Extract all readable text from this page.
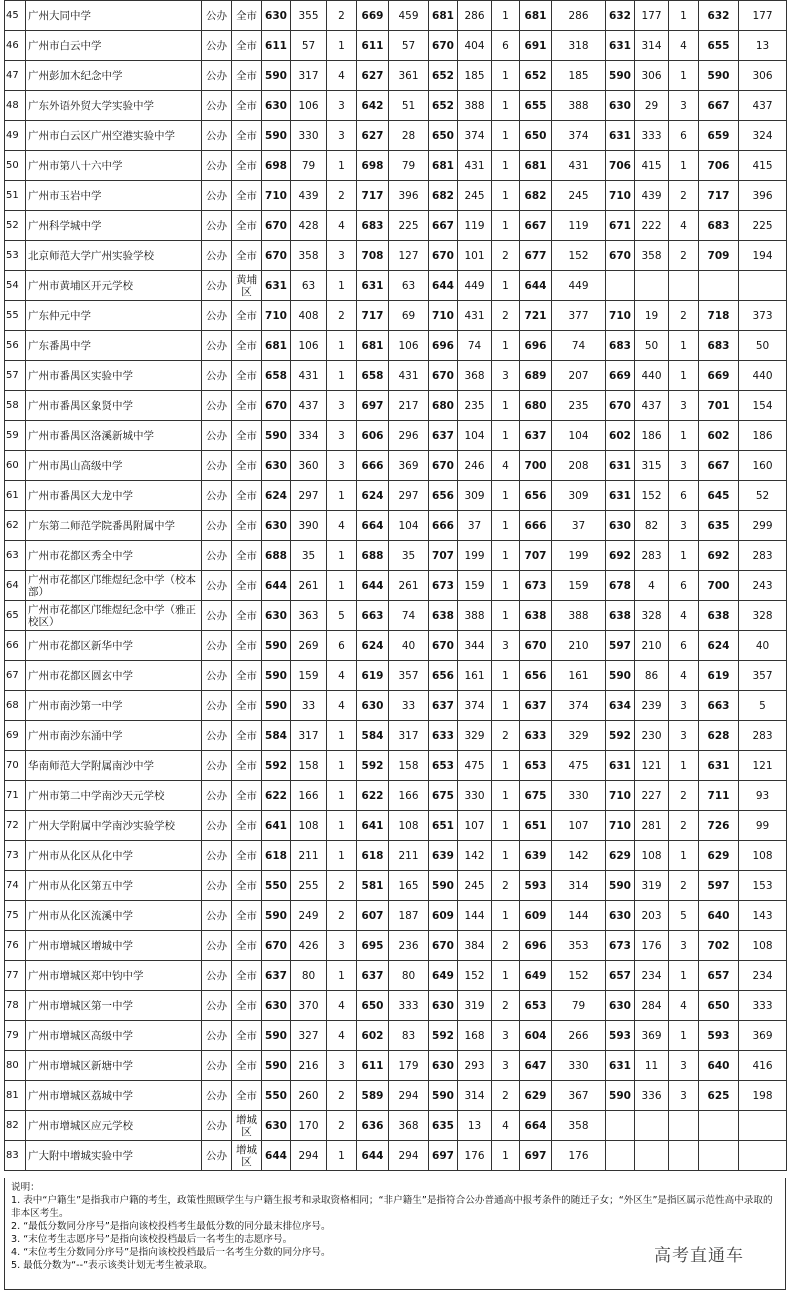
45	广州大同中学	公办	全市	630	355	2	669	459	681	286	1	681	286	632	177	1	632	177
46	广州市白云中学	公办	全市	611	57	1	611	57	670	404	6	691	318	631	314	4	655	13
47	广州彭加木纪念中学	公办	全市	590	317	4	627	361	652	185	1	652	185	590	306	1	590	306
48	广东外语外贸大学实验中学	公办	全市	630	106	3	642	51	652	388	1	655	388	630	29	3	667	437
49	广州市白云区广州空港实验中学	公办	全市	590	330	3	627	28	650	374	1	650	374	631	333	6	659	324
50	广州市第八十六中学	公办	全市	698	79	1	698	79	681	431	1	681	431	706	415	1	706	415
51	广州市玉岩中学	公办	全市	710	439	2	717	396	682	245	1	682	245	710	439	2	717	396
52	广州科学城中学	公办	全市	670	428	4	683	225	667	119	1	667	119	671	222	4	683	225
53	北京师范大学广州实验学校	公办	全市	670	358	3	708	127	670	101	2	677	152	670	358	2	709	194
54	广州市黄埔区开元学校	公办	黄埔区	631	63	1	631	63	644	449	1	644	449					
55	广东仲元中学	公办	全市	710	408	2	717	69	710	431	2	721	377	710	19	2	718	373
56	广东番禺中学	公办	全市	681	106	1	681	106	696	74	1	696	74	683	50	1	683	50
57	广州市番禺区实验中学	公办	全市	658	431	1	658	431	670	368	3	689	207	669	440	1	669	440
58	广州市番禺区象贤中学	公办	全市	670	437	3	697	217	680	235	1	680	235	670	437	3	701	154
59	广州市番禺区洛溪新城中学	公办	全市	590	334	3	606	296	637	104	1	637	104	602	186	1	602	186
60	广州市禺山高级中学	公办	全市	630	360	3	666	369	670	246	4	700	208	631	315	3	667	160
61	广州市番禺区大龙中学	公办	全市	624	297	1	624	297	656	309	1	656	309	631	152	6	645	52
62	广东第二师范学院番禺附属中学	公办	全市	630	390	4	664	104	666	37	1	666	37	630	82	3	635	299
63	广州市花都区秀全中学	公办	全市	688	35	1	688	35	707	199	1	707	199	692	283	1	692	283
64	广州市花都区邝维煜纪念中学（校本部）	公办	全市	644	261	1	644	261	673	159	1	673	159	678	4	6	700	243
65	广州市花都区邝维煜纪念中学（雅正校区）	公办	全市	630	363	5	663	74	638	388	1	638	388	638	328	4	638	328
66	广州市花都区新华中学	公办	全市	590	269	6	624	40	670	344	3	670	210	597	210	6	624	40
67	广州市花都区圆玄中学	公办	全市	590	159	4	619	357	656	161	1	656	161	590	86	4	619	357
68	广州市南沙第一中学	公办	全市	590	33	4	630	33	637	374	1	637	374	634	239	3	663	5
69	广州市南沙东涌中学	公办	全市	584	317	1	584	317	633	329	2	633	329	592	230	3	628	283
70	华南师范大学附属南沙中学	公办	全市	592	158	1	592	158	653	475	1	653	475	631	121	1	631	121
71	广州市第二中学南沙天元学校	公办	全市	622	166	1	622	166	675	330	1	675	330	710	227	2	711	93
72	广州大学附属中学南沙实验学校	公办	全市	641	108	1	641	108	651	107	1	651	107	710	281	2	726	99
73	广州市从化区从化中学	公办	全市	618	211	1	618	211	639	142	1	639	142	629	108	1	629	108
74	广州市从化区第五中学	公办	全市	550	255	2	581	165	590	245	2	593	314	590	319	2	597	153
75	广州市从化区流溪中学	公办	全市	590	249	2	607	187	609	144	1	609	144	630	203	5	640	143
76	广州市增城区增城中学	公办	全市	670	426	3	695	236	670	384	2	696	353	673	176	3	702	108
77	广州市增城区郑中钧中学	公办	全市	637	80	1	637	80	649	152	1	649	152	657	234	1	657	234
78	广州市增城区第一中学	公办	全市	630	370	4	650	333	630	319	2	653	79	630	284	4	650	333
79	广州市增城区高级中学	公办	全市	590	327	4	602	83	592	168	3	604	266	593	369	1	593	369
80	广州市增城区新塘中学	公办	全市	590	216	3	611	179	630	293	3	647	330	631	11	3	640	416
81	广州市增城区荔城中学	公办	全市	550	260	2	589	294	590	314	2	629	367	590	336	3	625	198
82	广州市增城区应元学校	公办	增城区	630	170	2	636	368	635	13	4	664	358					
83	广大附中增城实验中学	公办	增城区	644	294	1	644	294	697	176	1	697	176					

说明：

1. 表中“户籍生”是指我市户籍的考生，政策性照顾学生与户籍生报考和录取资格相同；“非户籍生”是指符合公办普通高中报考条件的随迁子女；“外区生”是指区属示范性高中录取的非本区考生。

2. “最低分数同分序号”是指向该校投档考生最低分数的同分最末排位序号。

3. “末位考生志愿序号”是指向该校投档最后一名考生的志愿序号。

4. “末位考生分数同分序号”是指向该校投档最后一名考生分数的同分序号。

5. 最低分数为“--”表示该类计划无考生被录取。	高考直通车
